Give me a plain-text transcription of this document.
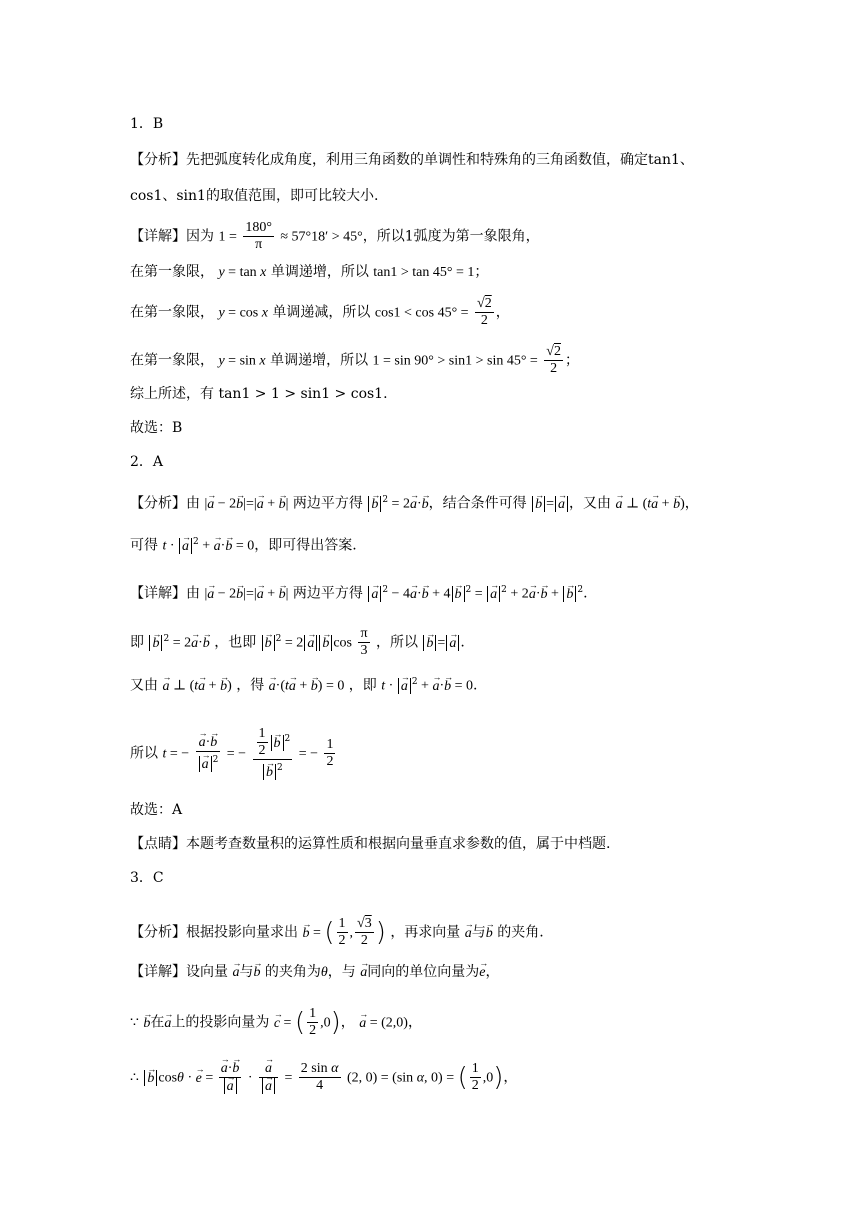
1．B
【分析】先把弧度转化成角度，利用三角函数的单调性和特殊角的三角函数值，确定tan1、
cos1、sin1的取值范围，即可比较大小.
【详解】因为 $1 = \frac{180^\circ}{\pi} \approx 57^\circ 18' > 45^\circ$，所以1弧度为第一象限角，
在第一象限， y = tan x 单调递增，所以 tan1 > tan 45° = 1；
在第一象限， y = cos x 单调递减，所以 $\cos 1 < \cos 45^\circ = \frac{√2}{2}$ ，
在第一象限， y = sin x 单调递增，所以 $1 = \sin 90^\circ > \sin 1 > \sin 45^\circ = \frac{√2}{2}$ ；
综上所述，有 tan1 > 1 > sin1 > cos1.
故选：B
2．A
【分析】由 |→ a − 2→ b|=|→ a + → b| 两边平方得 → b $^2$ = 2→ a·→ b，结合条件可得 → b = → a ，又由 → a ⊥ (t→ a + → b)，
可得 t · → a $^2$ + → a·→ b = 0，即可得出答案.
【详解】由 |→ a − 2→ b|=|→ a + → b| 两边平方得 → a $^2$ − 4→ a·→ b + 4 → b $^2$ = → a $^2$ + 2→ a·→ b + → b $^2$.
即 → b $^2$ = 2→ a·→ b ，也即 → b $^2$ = 2 → a → b $\cos \frac{\pi}{3}$ ，所以 → b = → a .
又由 → a ⊥ (t→ a + → b) ，得 → a·(t→ a + → b) = 0 ，即 t · → a $^2$ + → a·→ b = 0.
所以 t = − → a·→ b
→ a $^2$ = − $\frac{1}{2} \to b$ $^2$
→ b $^2$ = − $\frac{1}{2}$
故选：A
【点睛】本题考查数量积的运算性质和根据向量垂直求参数的值，属于中档题.
3．C
【分析】根据投影向量求出 → b = ( $\frac{1}{2}$ , $\frac{√3}{2}$ ) ，再求向量 → a与→ b 的夹角.
【详解】设向量 → a与→ b 的夹角为θ，与 → a同向的单位向量为→ e，
∵ → b在→ a上的投影向量为 → c = ( $\frac{1}{2} ,0$)， → a = (2,0)，
∴ → b cosθ · → e = → a·→ b
→ a · → a
→ $a = \frac{\text{2 sin α}}{4} (2$, 0) = (sin α, 0) = ( $\frac{1}{2} ,0$)，
